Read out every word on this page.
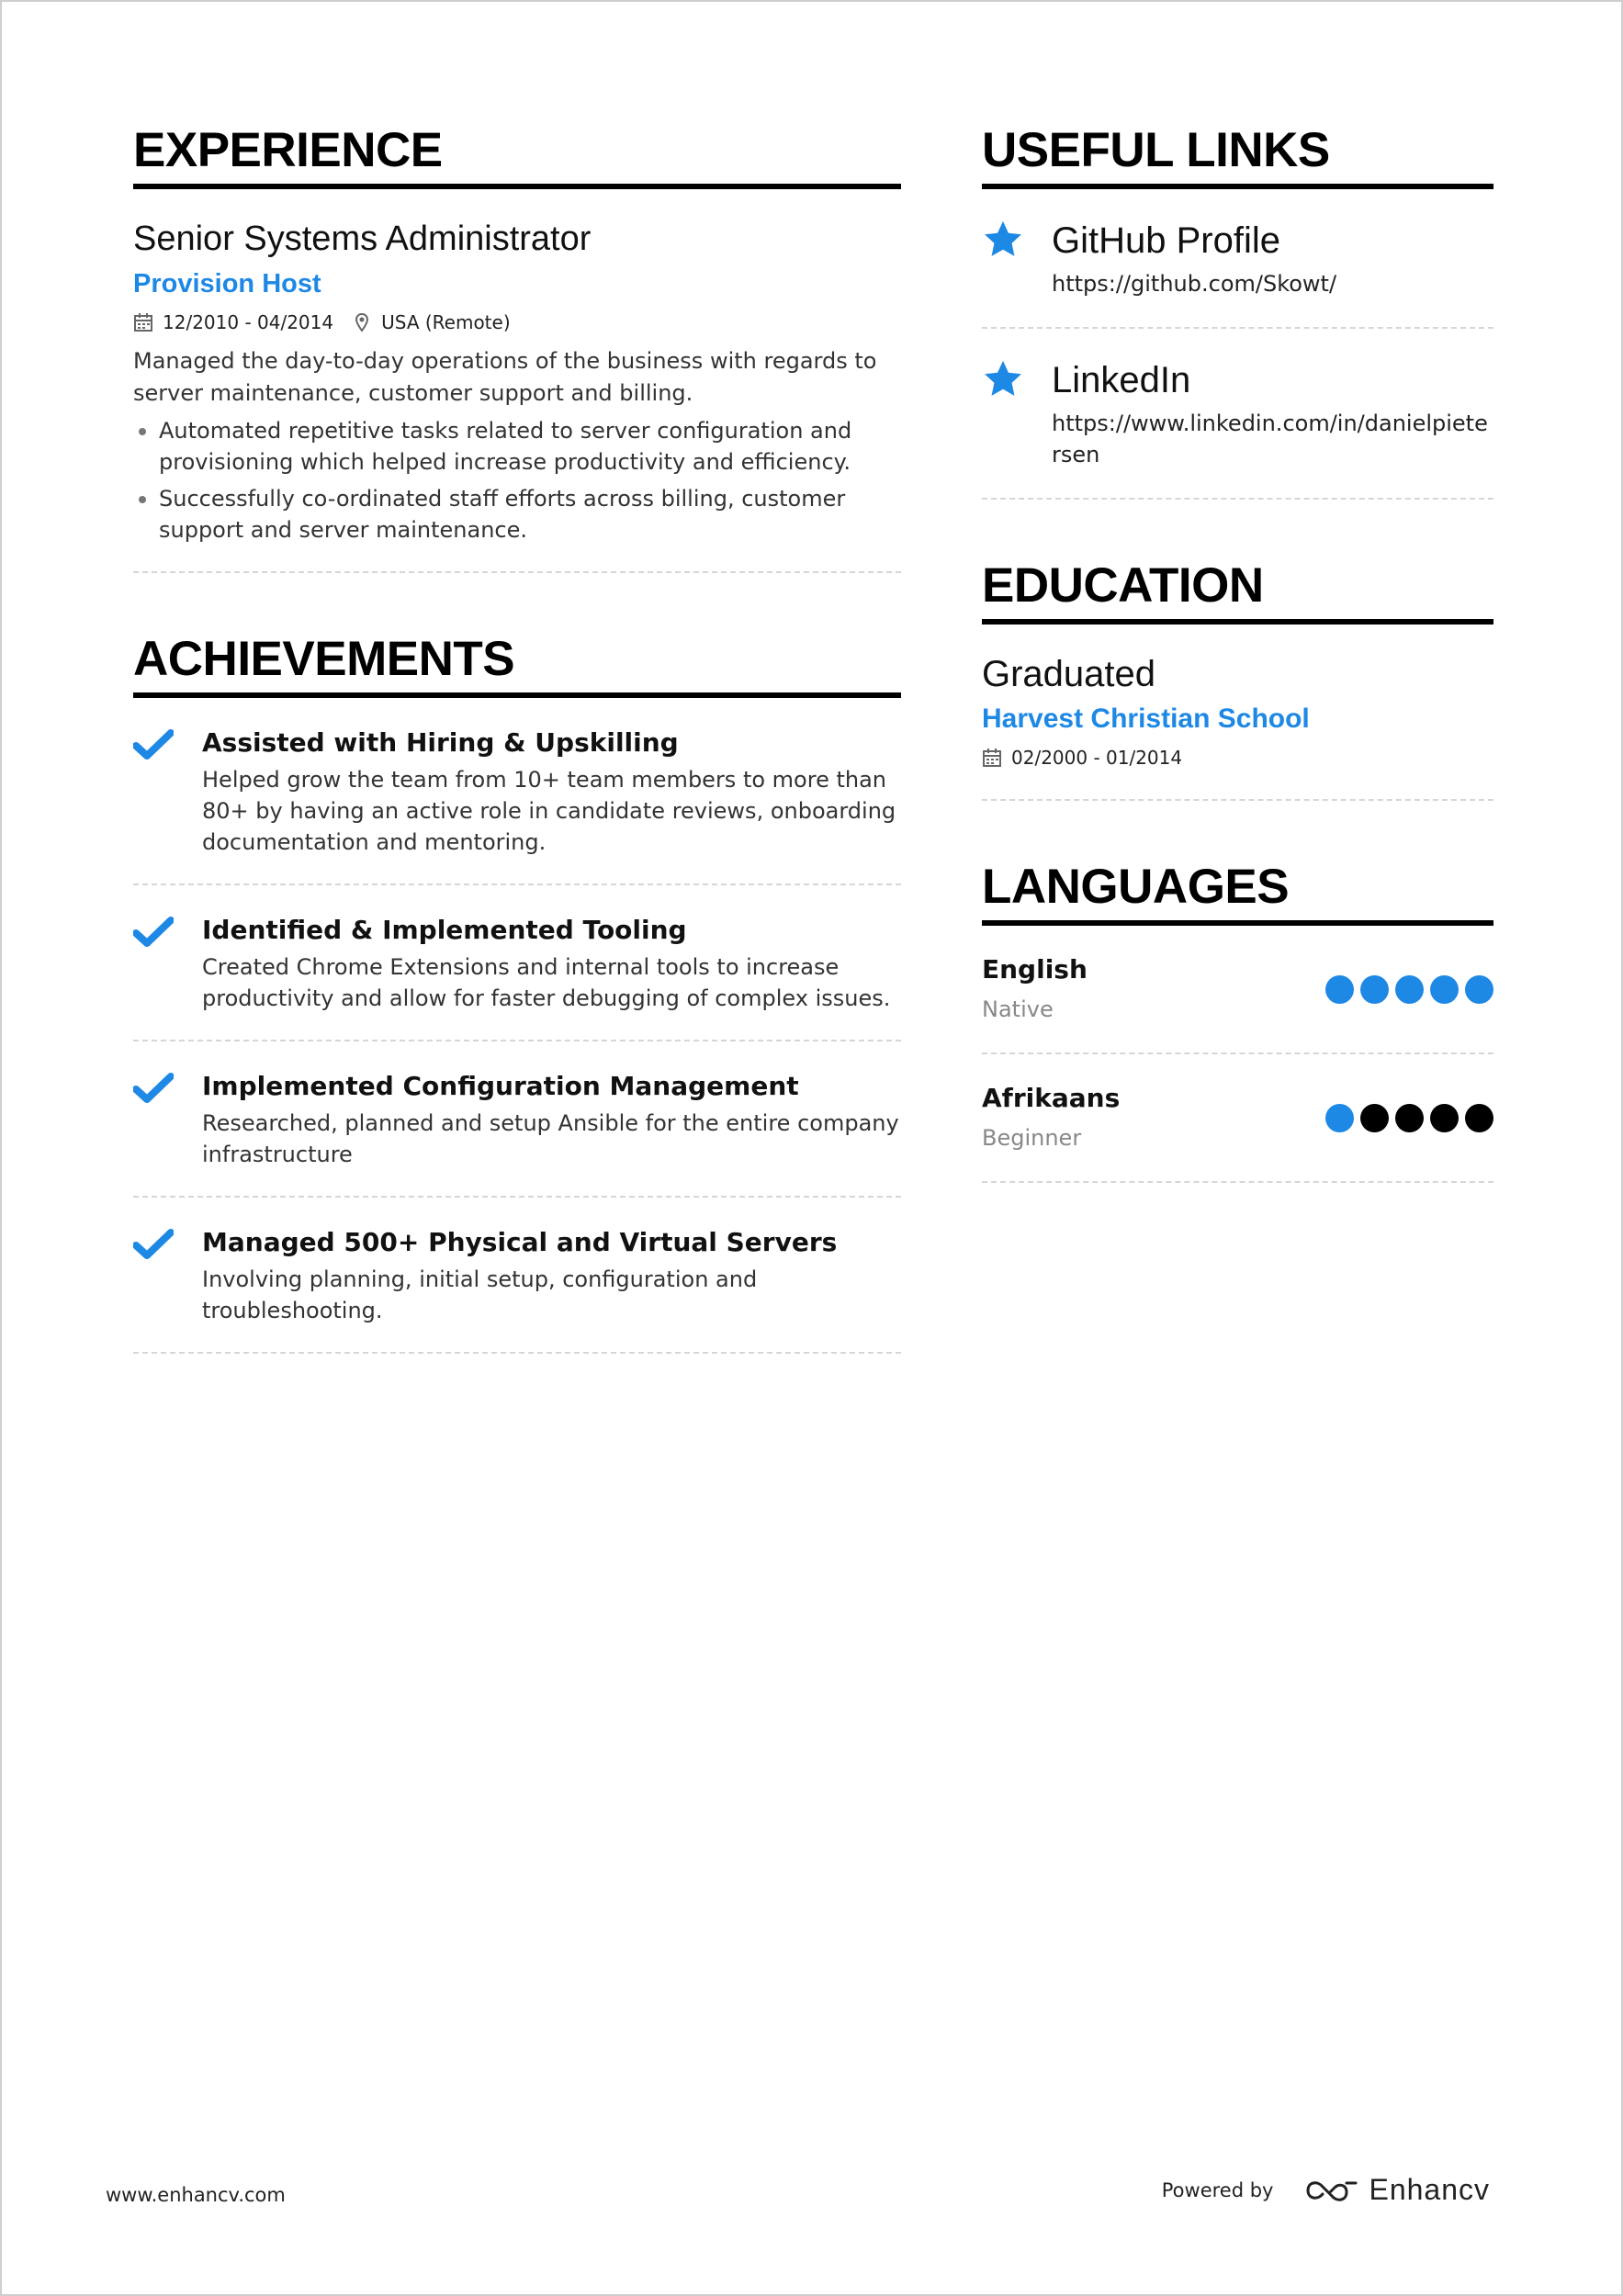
EXPERIENCE
Senior Systems Administrator
Provision Host
12/2010 - 04/2014	USA (Remote)
Managed the day-to-day operations of the business with regards to server maintenance, customer support and billing.
Automated repetitive tasks related to server configuration and provisioning which helped increase productivity and efficiency.
Successfully co-ordinated staff efforts across billing, customer support and server maintenance.
ACHIEVEMENTS
Assisted with Hiring & Upskilling
Helped grow the team from 10+ team members to more than 80+ by having an active role in candidate reviews, onboarding documentation and mentoring.
Identified & Implemented Tooling
Created Chrome Extensions and internal tools to increase productivity and allow for faster debugging of complex issues.
Implemented Configuration Management
Researched, planned and setup Ansible for the entire company infrastructure
Managed 500+ Physical and Virtual Servers
Involving planning, initial setup, configuration and troubleshooting.
USEFUL LINKS
GitHub Profile
https://github.com/Skowt/
LinkedIn
https://www.linkedin.com/in/danielpietersen
EDUCATION
Graduated
Harvest Christian School
02/2000 - 01/2014
LANGUAGES
English
Native
Afrikaans
Beginner
www.enhancv.com	Powered by	Enhancv
